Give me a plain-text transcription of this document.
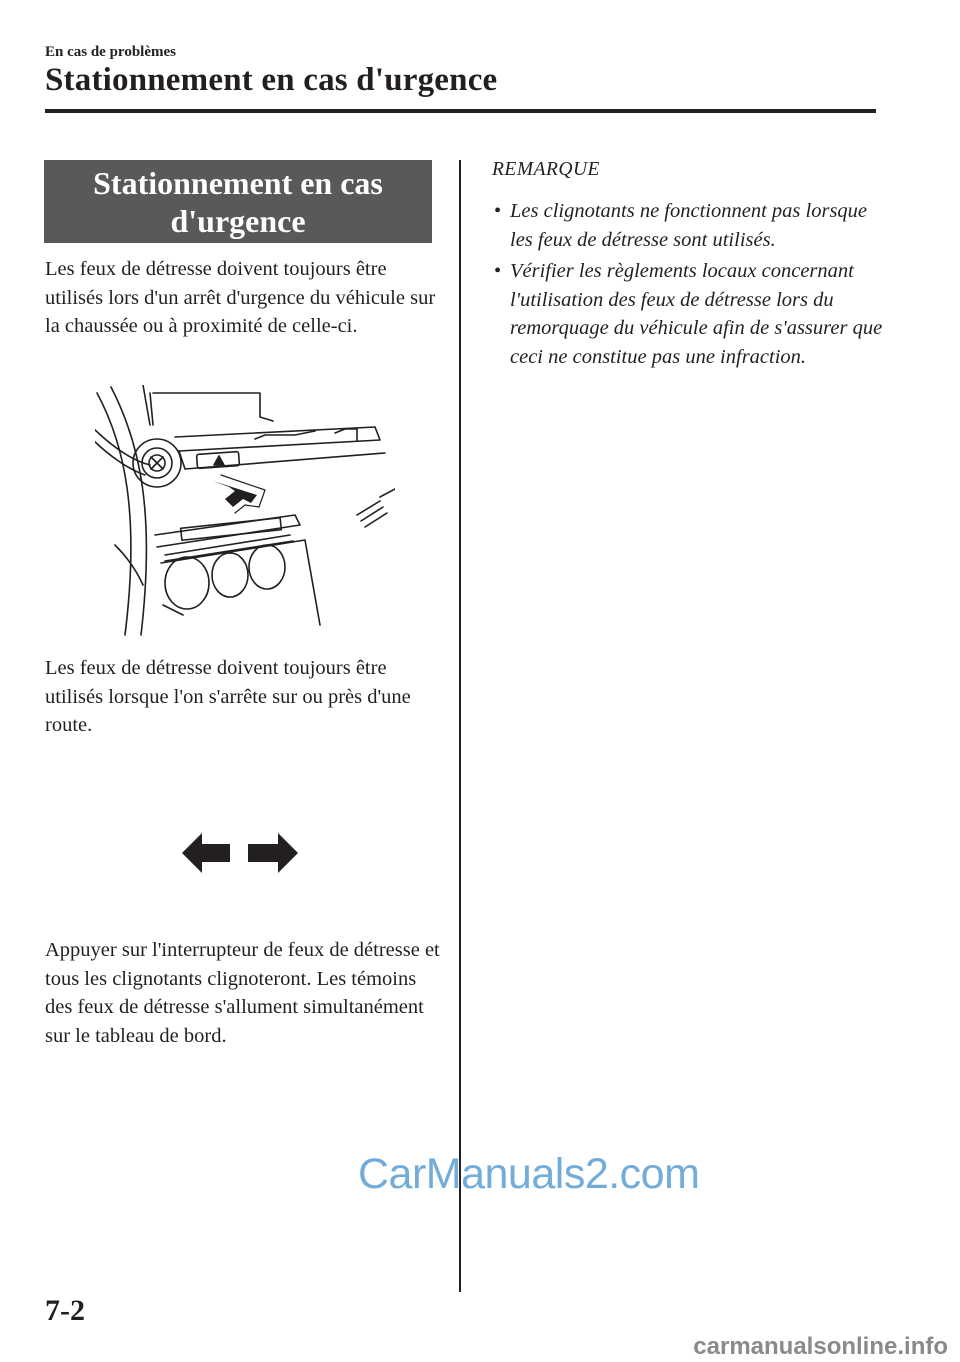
En cas de problèmes
Stationnement en cas d'urgence
Stationnement en cas d'urgence

Les feux de détresse doivent toujours être utilisés lors d'un arrêt d'urgence du véhicule sur la chaussée ou à proximité de celle-ci.

Les feux de détresse doivent toujours être utilisés lorsque l'on s'arrête sur ou près d'une route.

Appuyer sur l'interrupteur de feux de détresse et tous les clignotants clignoteront. Les témoins des feux de détresse s'allument simultanément sur le tableau de bord.

REMARQUE
• Les clignotants ne fonctionnent pas lorsque les feux de détresse sont utilisés.
• Vérifier les règlements locaux concernant l'utilisation des feux de détresse lors du remorquage du véhicule afin de s'assurer que ceci ne constitue pas une infraction.
7-2
CarManuals2.com
carmanualsonline.info
